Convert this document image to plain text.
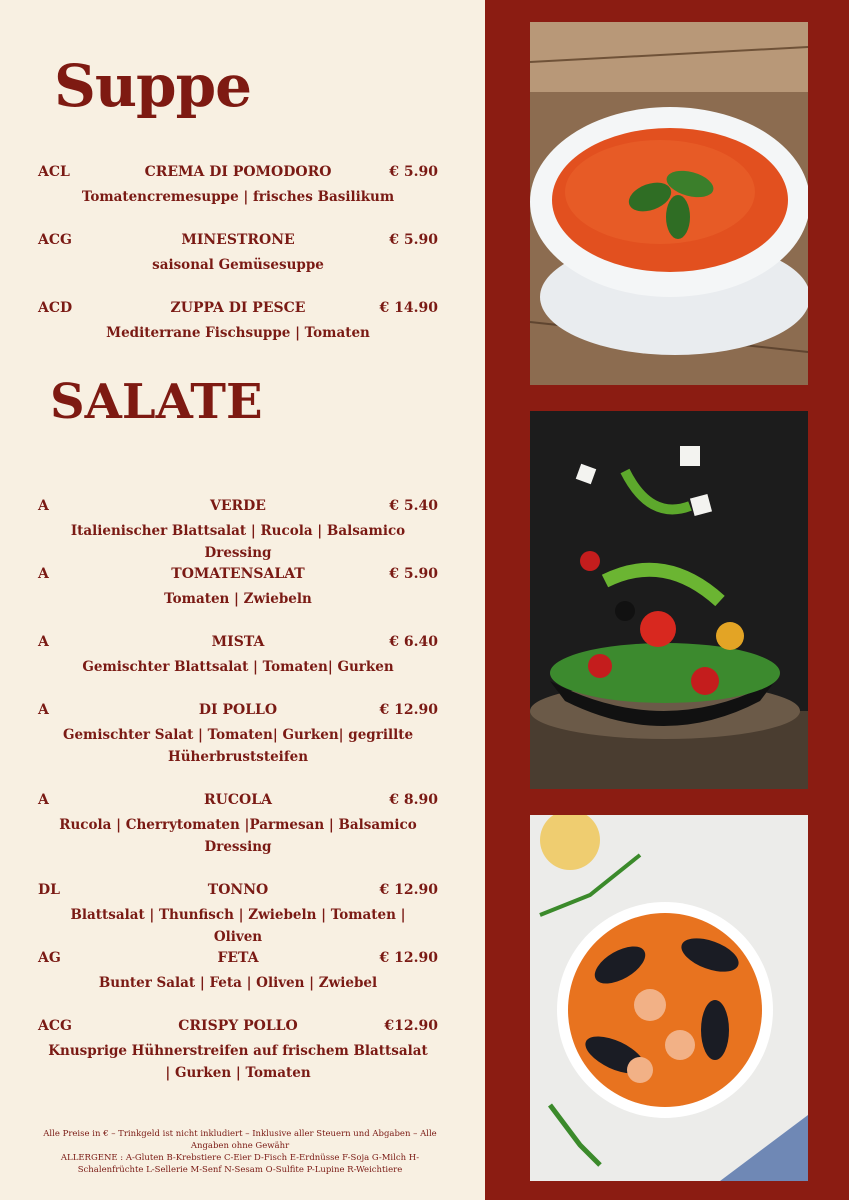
Suppe
ACL	CREMA DI POMODORO	€ 5.90
Tomatencremesuppe | frisches Basilikum
ACG	MINESTRONE	€ 5.90
saisonal Gemüsesuppe
ACD	ZUPPA DI PESCE	€ 14.90
Mediterrane Fischsuppe | Tomaten
SALATE
A	VERDE	€ 5.40
Italienischer Blattsalat | Rucola | Balsamico Dressing
A	TOMATENSALAT	€ 5.90
Tomaten | Zwiebeln
A	MISTA	€ 6.40
Gemischter Blattsalat | Tomaten| Gurken
A	DI POLLO	€ 12.90
Gemischter Salat | Tomaten| Gurken| gegrillte Hüherbruststeifen
A	RUCOLA	€ 8.90
Rucola | Cherrytomaten |Parmesan | Balsamico Dressing
DL	TONNO	€ 12.90
Blattsalat | Thunfisch | Zwiebeln | Tomaten | Oliven
AG	FETA	€ 12.90
Bunter Salat | Feta | Oliven | Zwiebel
ACG	CRISPY POLLO	€12.90
Knusprige Hühnerstreifen auf frischem Blattsalat | Gurken | Tomaten
Alle Preise in € – Trinkgeld ist nicht inkludiert – Inklusive aller Steuern und Abgaben – Alle Angaben ohne Gewähr
ALLERGENE : A-Gluten B-Krebstiere C-Eier D-Fisch E-Erdnüsse F-Soja G-Milch H-Schalenfrüchte L-Sellerie M-Senf N-Sesam O-Sulfite P-Lupine R-Weichtiere
